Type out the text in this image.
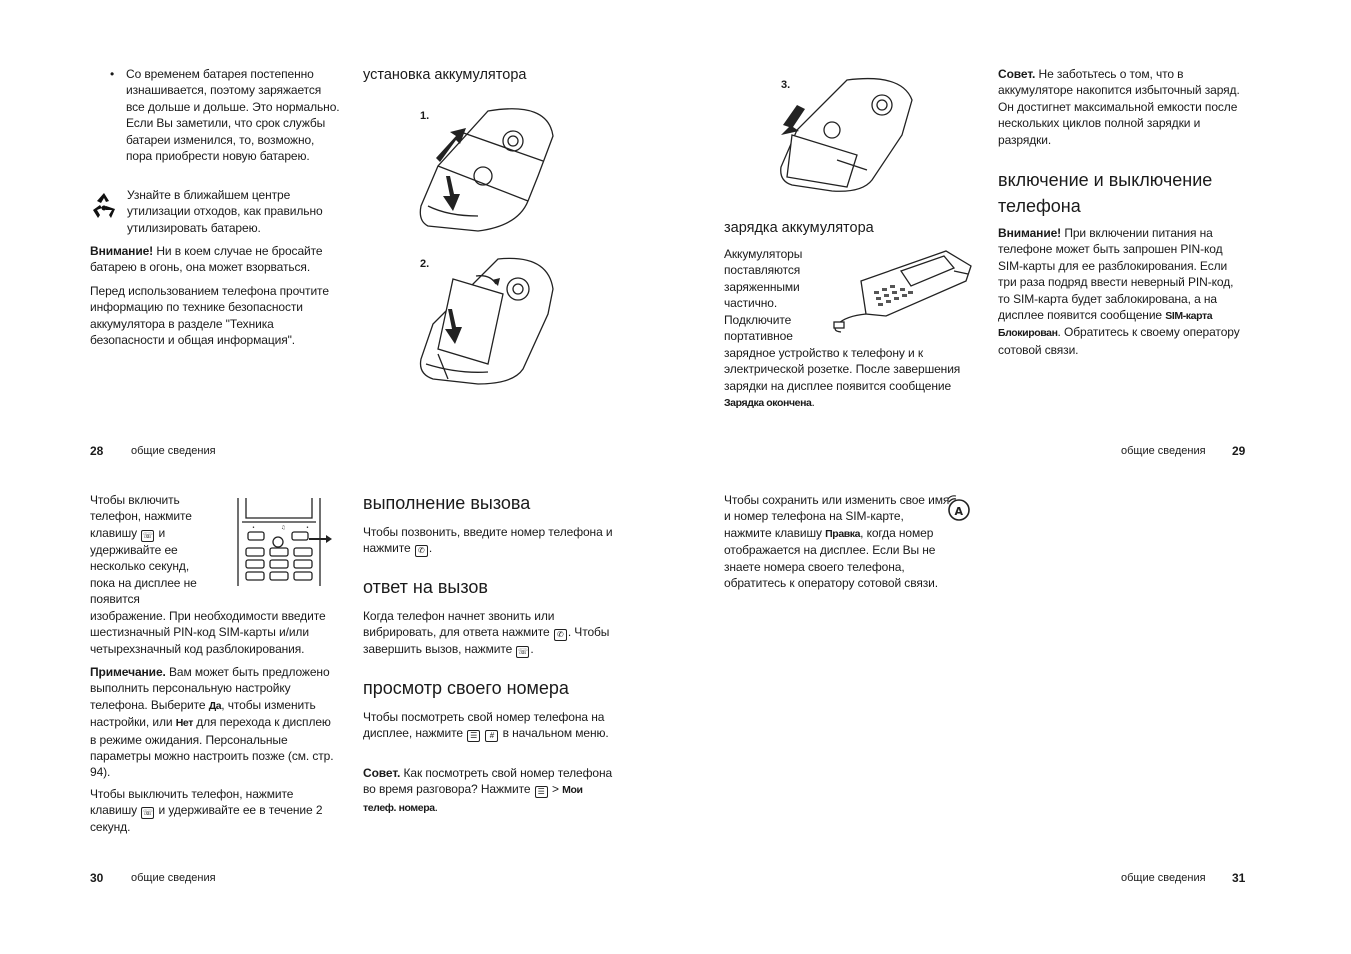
• Со временем батарея постепенно изнашивается, поэтому заряжается все дольше и дольше. Это нормально. Если Вы заметили, что срок службы батареи изменился, то, возможно, пора приобрести новую батарею.

Узнайте в ближайшем центре утилизации отходов, как правильно утилизировать батарею.

Внимание! Ни в коем случае не бросайте батарею в огонь, она может взорваться.

Перед использованием телефона прочтите информацию по технике безопасности аккумулятора в разделе "Техника безопасности и общая информация".

установка аккумулятора
1.
2.
28	общие сведения
3.
зарядка аккумулятора

Аккумуляторы поставляются заряженными частично. Подключите портативное

зарядное устройство к телефону и к электрической розетке. После завершения зарядки на дисплее появится сообщение Зарядка окончена.

Совет. Не заботьтесь о том, что в аккумуляторе накопится избыточный заряд. Он достигнет максимальной емкости после нескольких циклов полной зарядки и разрядки.

включение и выключение телефона

Внимание! При включении питания на телефоне может быть запрошен PIN-код SIM-карты для ее разблокирования. Если три раза подряд ввести неверный PIN-код, то SIM-карта будет заблокирована, а на дисплее появится сообщение SIM-карта Блокирован. Обратитесь к своему оператору сотовой связи.

общие сведения 29

Чтобы включить телефон, нажмите клавишу ☏ и удерживайте ее несколько секунд, пока на дисплее не появится

•	♫	•

изображение. При необходимости введите шестизначный PIN-код SIM-карты и/или четырехзначный код разблокирования.

Примечание. Вам может быть предложено выполнить персональную настройку телефона. Выберите Да, чтобы изменить настройки, или Нет для перехода к дисплею в режиме ожидания. Персональные параметры можно настроить позже (см. стр. 94).

Чтобы выключить телефон, нажмите клавишу ☏ и удерживайте ее в течение 2 секунд.

выполнение вызова

Чтобы позвонить, введите номер телефона и нажмите ✆ .

ответ на вызов

Когда телефон начнет звонить или вибрировать, для ответа нажмите ✆ . Чтобы завершить вызов, нажмите ☏ .

просмотр своего номера

Чтобы посмотреть свой номер телефона на дисплее, нажмите ☰ # в начальном меню.

Совет. Как посмотреть свой номер телефона во время разговора? Нажмите ☰ > Мои телеф. номера.

30	общие сведения

Чтобы сохранить или изменить свое имя и номер телефона на SIM-карте, нажмите клавишу Правка, когда номер отображается на дисплее. Если Вы не знаете номера своего телефона, обратитесь к оператору сотовой связи.

A
общие сведения 31
